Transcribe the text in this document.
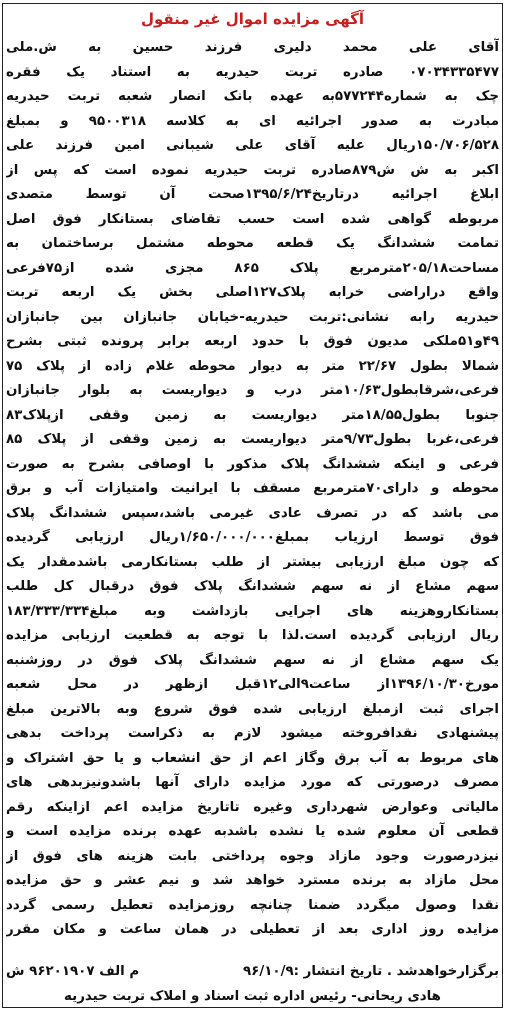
آگهی مزایده اموال غیر منقول
آقای علی محمد دلیری فرزند حسین به ش.ملی
۰۷۰۳۴۳۳۵۴۷۷ صادره تربت حیدریه به استناد یک فقره
چک به شماره۵۷۷۲۴۴به عهده بانک انصار شعبه تربت حیدریه
مبادرت به صدور اجرائیه ای به کلاسه ۹۵۰۰۳۱۸ و بمبلغ
۱۵۰/۷۰۶/۵۲۸ریال علیه آقای علی شیبانی امین فرزند علی
اکبر به ش ش۸۷۹صادره تربت حیدریه نموده است که پس از
ابلاغ اجرائیه درتاریخ۱۳۹۵/۶/۲۴صحت آن توسط متصدی
مربوطه گواهی شده است حسب تقاضای بستانکار فوق اصل
تمامت ششدانگ یک قطعه محوطه مشتمل برساختمان به
مساحت۲۰۵/۱۸مترمربع پلاک ۸۶۵ مجزی شده از۷۵فرعی
واقع دراراضی خرابه پلاک۱۲۷اصلی بخش یک اربعه تربت
حیدریه رابه نشانی:تربت حیدریه-خیابان جانبازان بین جانبازان
۴۹و۵۱ملکی مدیون فوق با حدود اربعه برابر پرونده ثبتی بشرح
شمالا بطول ۲۲/۶۷ متر به دیوار محوطه غلام زاده از پلاک ۷۵
فرعی،شرقابطول۱۰/۶۳متر درب و دیواریست به بلوار جانبازان
جنوبا بطول۱۸/۵۵متر دیواریست به زمین وقفی ازپلاک۸۳
فرعی،غربا بطول۹/۷۳متر دیواریست به زمین وقفی از پلاک ۸۵
فرعی و اینکه ششدانگ پلاک مذکور با اوصافی بشرح به صورت
محوطه و دارای۷۰مترمربع مسقف با ایرانیت وامتیازات آب و برق
می باشد که در تصرف عادی غیرمی باشد،سپس ششدانگ پلاک
فوق توسط ارزیاب بمبلغ۱/۶۵۰/۰۰۰/۰۰۰ریال ارزیابی گردیده
که چون مبلغ ارزیابی بیشتر از طلب بستانکارمی باشدمقدار یک
سهم مشاع از نه سهم ششدانگ پلاک فوق درقبال کل طلب
بستانکاروهزینه های اجرایی بازداشت وبه مبلغ۱۸۳/۳۳۳/۳۳۴
ریال ارزیابی گردیده است.لذا با توجه به قطعیت ارزیابی مزایده
یک سهم مشاع از نه سهم ششدانگ پلاک فوق در روزشنبه
مورخ۱۳۹۶/۱۰/۳۰از ساعت۹الی۱۲قبل ازظهر در محل شعبه
اجرای ثبت ازمبلغ ارزیابی شده فوق شروع وبه بالاترین مبلغ
پیشنهادی نقدافروخته میشود لازم به ذکراست پرداخت بدهی
های مربوط به آب برق وگاز اعم از حق انشعاب و یا حق اشتراک و
مصرف درصورتی که مورد مزایده دارای آنها باشدونیزبدهی های
مالیاتی وعوارض شهرداری وغیره تاتاریخ مزایده اعم ازاینکه رقم
قطعی آن معلوم شده یا نشده باشدبه عهده برنده مزایده است و
نیزدرصورت وجود مازاد وجوه پرداختی بابت هزینه های فوق از
محل مازاد به برنده مسترد خواهد شد و نیم عشر و حق مزایده
نقدا وصول میگردد ضمنا چنانچه روزمزایده تعطیل رسمی گردد
مزایده روز اداری بعد از تعطیلی در همان ساعت و مکان مقرر
برگزارخواهدشد . تاریخ انتشار :۹۶/۱۰/۹
م الف ۹۶۲۰۱۹۰۷ ش
هادی ریحانی- رئیس اداره ثبت اسناد و املاک تربت حیدریه
